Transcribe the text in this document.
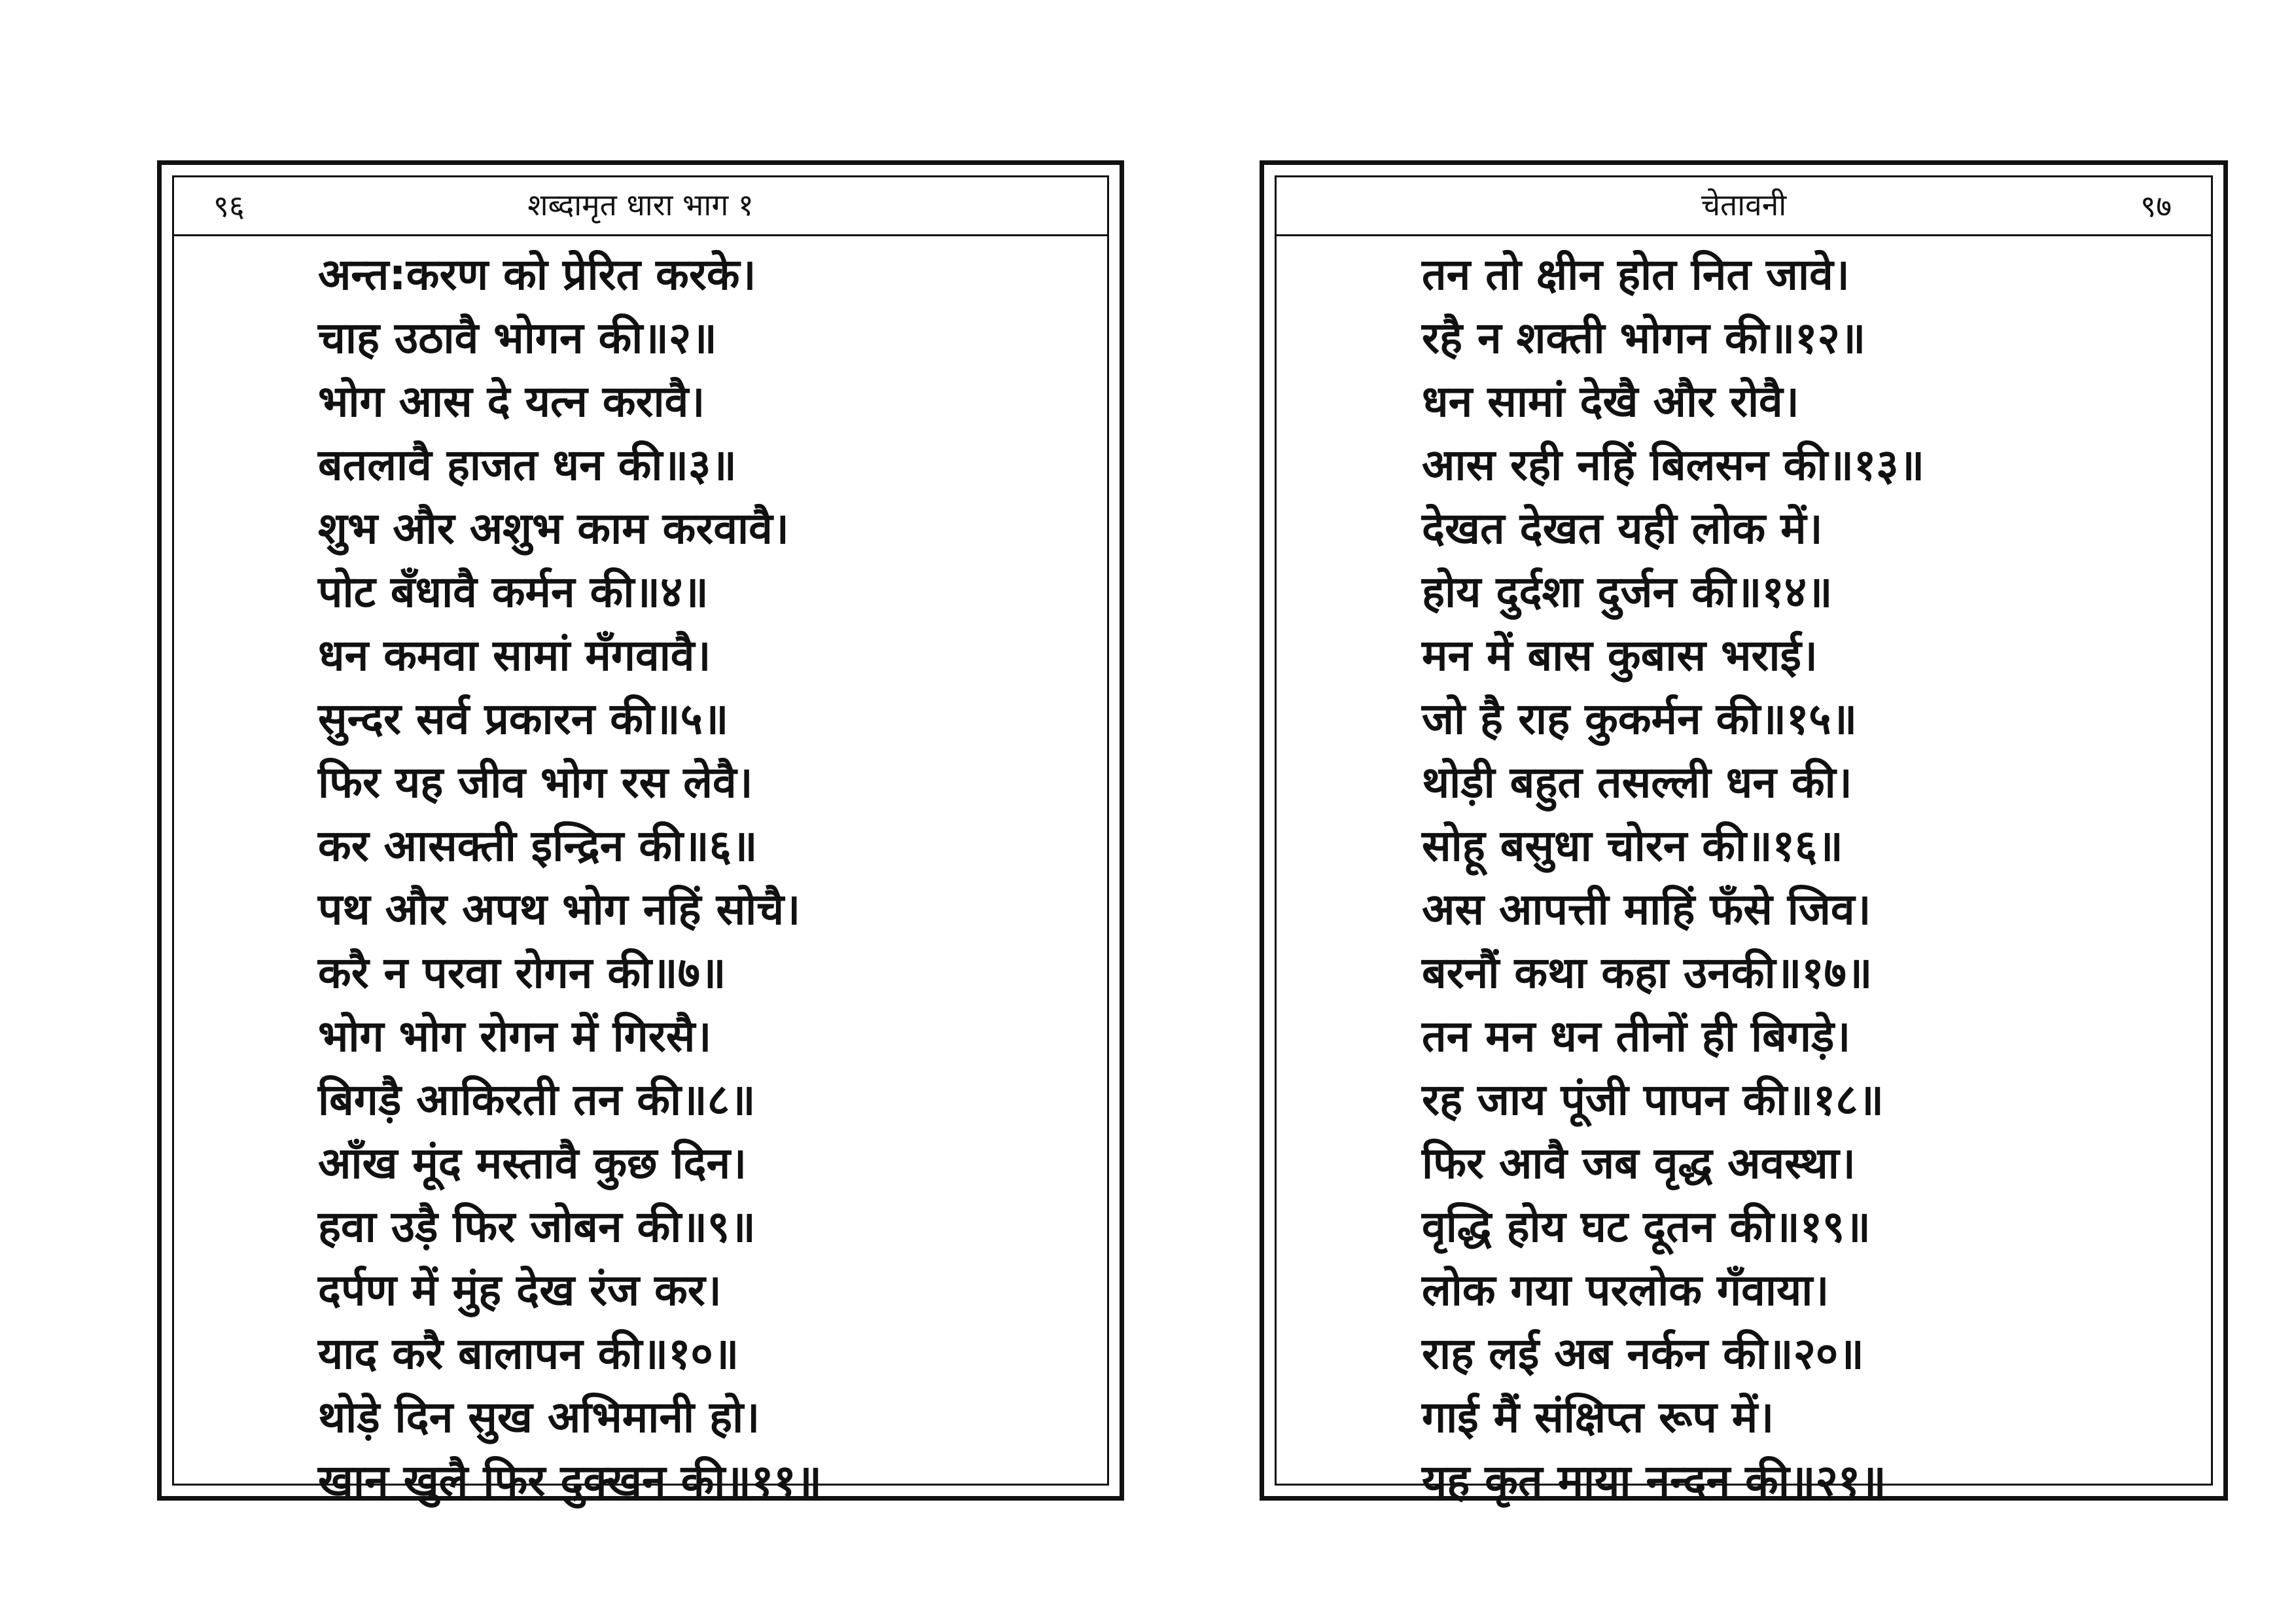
९६	शब्दामृत धारा भाग १
अन्त:करण को प्रेरित करके।
चाह उठावै भोगन की॥२॥
भोग आस दे यत्न करावै।
बतलावै हाजत धन की॥३॥
शुभ और अशुभ काम करवावै।
पोट बँधावै कर्मन की॥४॥
धन कमवा सामां मँगवावै।
सुन्दर सर्व प्रकारन की॥५॥
फिर यह जीव भोग रस लेवै।
कर आसक्ती इन्द्रिन की॥६॥
पथ और अपथ भोग नहिं सोचै।
करै न परवा रोगन की॥७॥
भोग भोग रोगन में गिरसै।
बिगड़ै आकिरती तन की॥८॥
आँख मूंद मस्तावै कुछ दिन।
हवा उड़ै फिर जोबन की॥९॥
दर्पण में मुंह देख रंज कर।
याद करै बालापन की॥१०॥
थोड़े दिन सुख अभिमानी हो।
खान खुलै फिर दुक्खन की॥११॥
चेतावनी	९७
तन तो क्षीन होत नित जावे।
रहै न शक्ती भोगन की॥१२॥
धन सामां देखै और रोवै।
आस रही नहिं बिलसन की॥१३॥
देखत देखत यही लोक में।
होय दुर्दशा दुर्जन की॥१४॥
मन में बास कुबास भराई।
जो है राह कुकर्मन की॥१५॥
थोड़ी बहुत तसल्ली धन की।
सोहू बसुधा चोरन की॥१६॥
अस आपत्ती माहिं फँसे जिव।
बरनौं कथा कहा उनकी॥१७॥
तन मन धन तीनों ही बिगड़े।
रह जाय पूंजी पापन की॥१८॥
फिर आवै जब वृद्ध अवस्था।
वृद्धि होय घट दूतन की॥१९॥
लोक गया परलोक गँवाया।
राह लई अब नर्कन की॥२०॥
गाई मैं संक्षिप्त रूप में।
यह कृत माया नन्दन की॥२१॥
